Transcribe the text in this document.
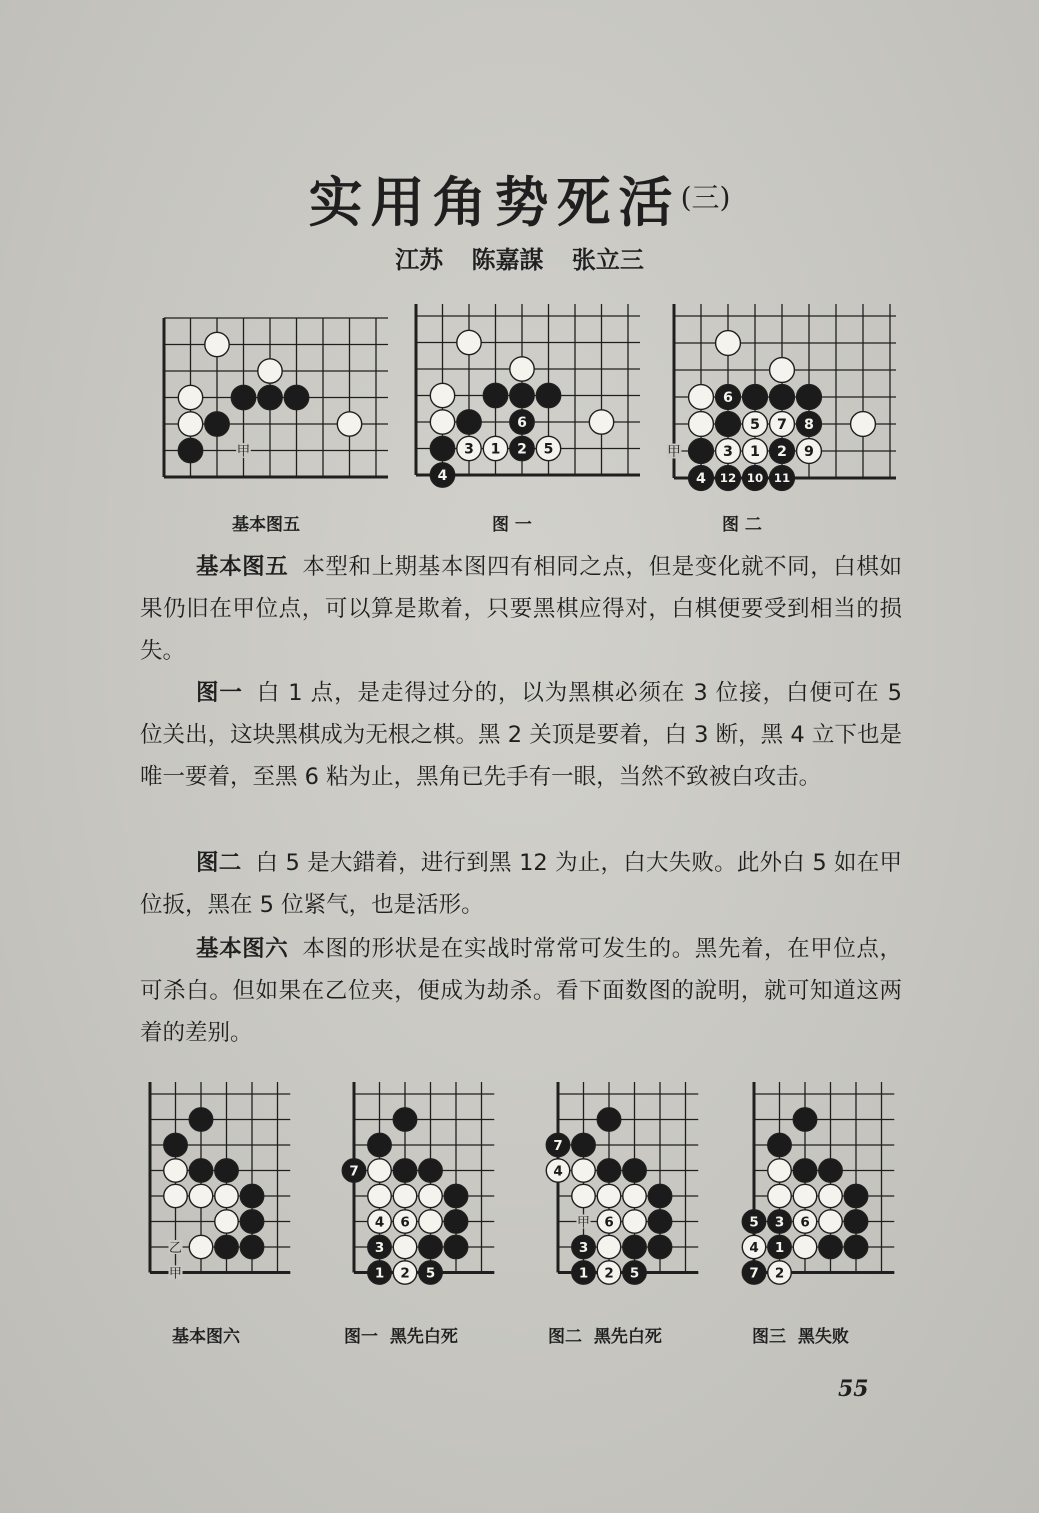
实用角势死活$^{(三)}$
江苏 陈嘉謀 张立三
甲
6
3 1 2 5
4
甲
6
5 7 8
3 1 2 9
4 12 10 11
基本图五	图 一	图 二
基本图五 本型和上期基本图四有相同之点，但是变化就不同，白棋如果仍旧在甲位点，可以算是欺着，只要黑棋应得对，白棋便要受到相当的损失。
图一 白 1 点，是走得过分的，以为黑棋必须在 3 位接，白便可在 5 位关出，这块黑棋成为无根之棋。黑 2 关顶是要着，白 3 断，黑 4 立下也是唯一要着，至黑 6 粘为止，黑角已先手有一眼，当然不致被白攻击。
图二 白 5 是大錯着，进行到黑 12 为止，白大失败。此外白 5 如在甲位扳，黑在 5 位紧气，也是活形。
基本图六 本图的形状是在实战时常常可发生的。黑先着，在甲位点，可杀白。但如果在乙位夹，便成为劫杀。看下面数图的說明，就可知道这两着的差别。
乙
甲
7
4 6
3
1 2 5
甲
7
4
6
3
1 2 5
5 3 6
4 1
7 2
基本图六	图一  黑先白死	图二  黑先白死	图三  黑失败
55
